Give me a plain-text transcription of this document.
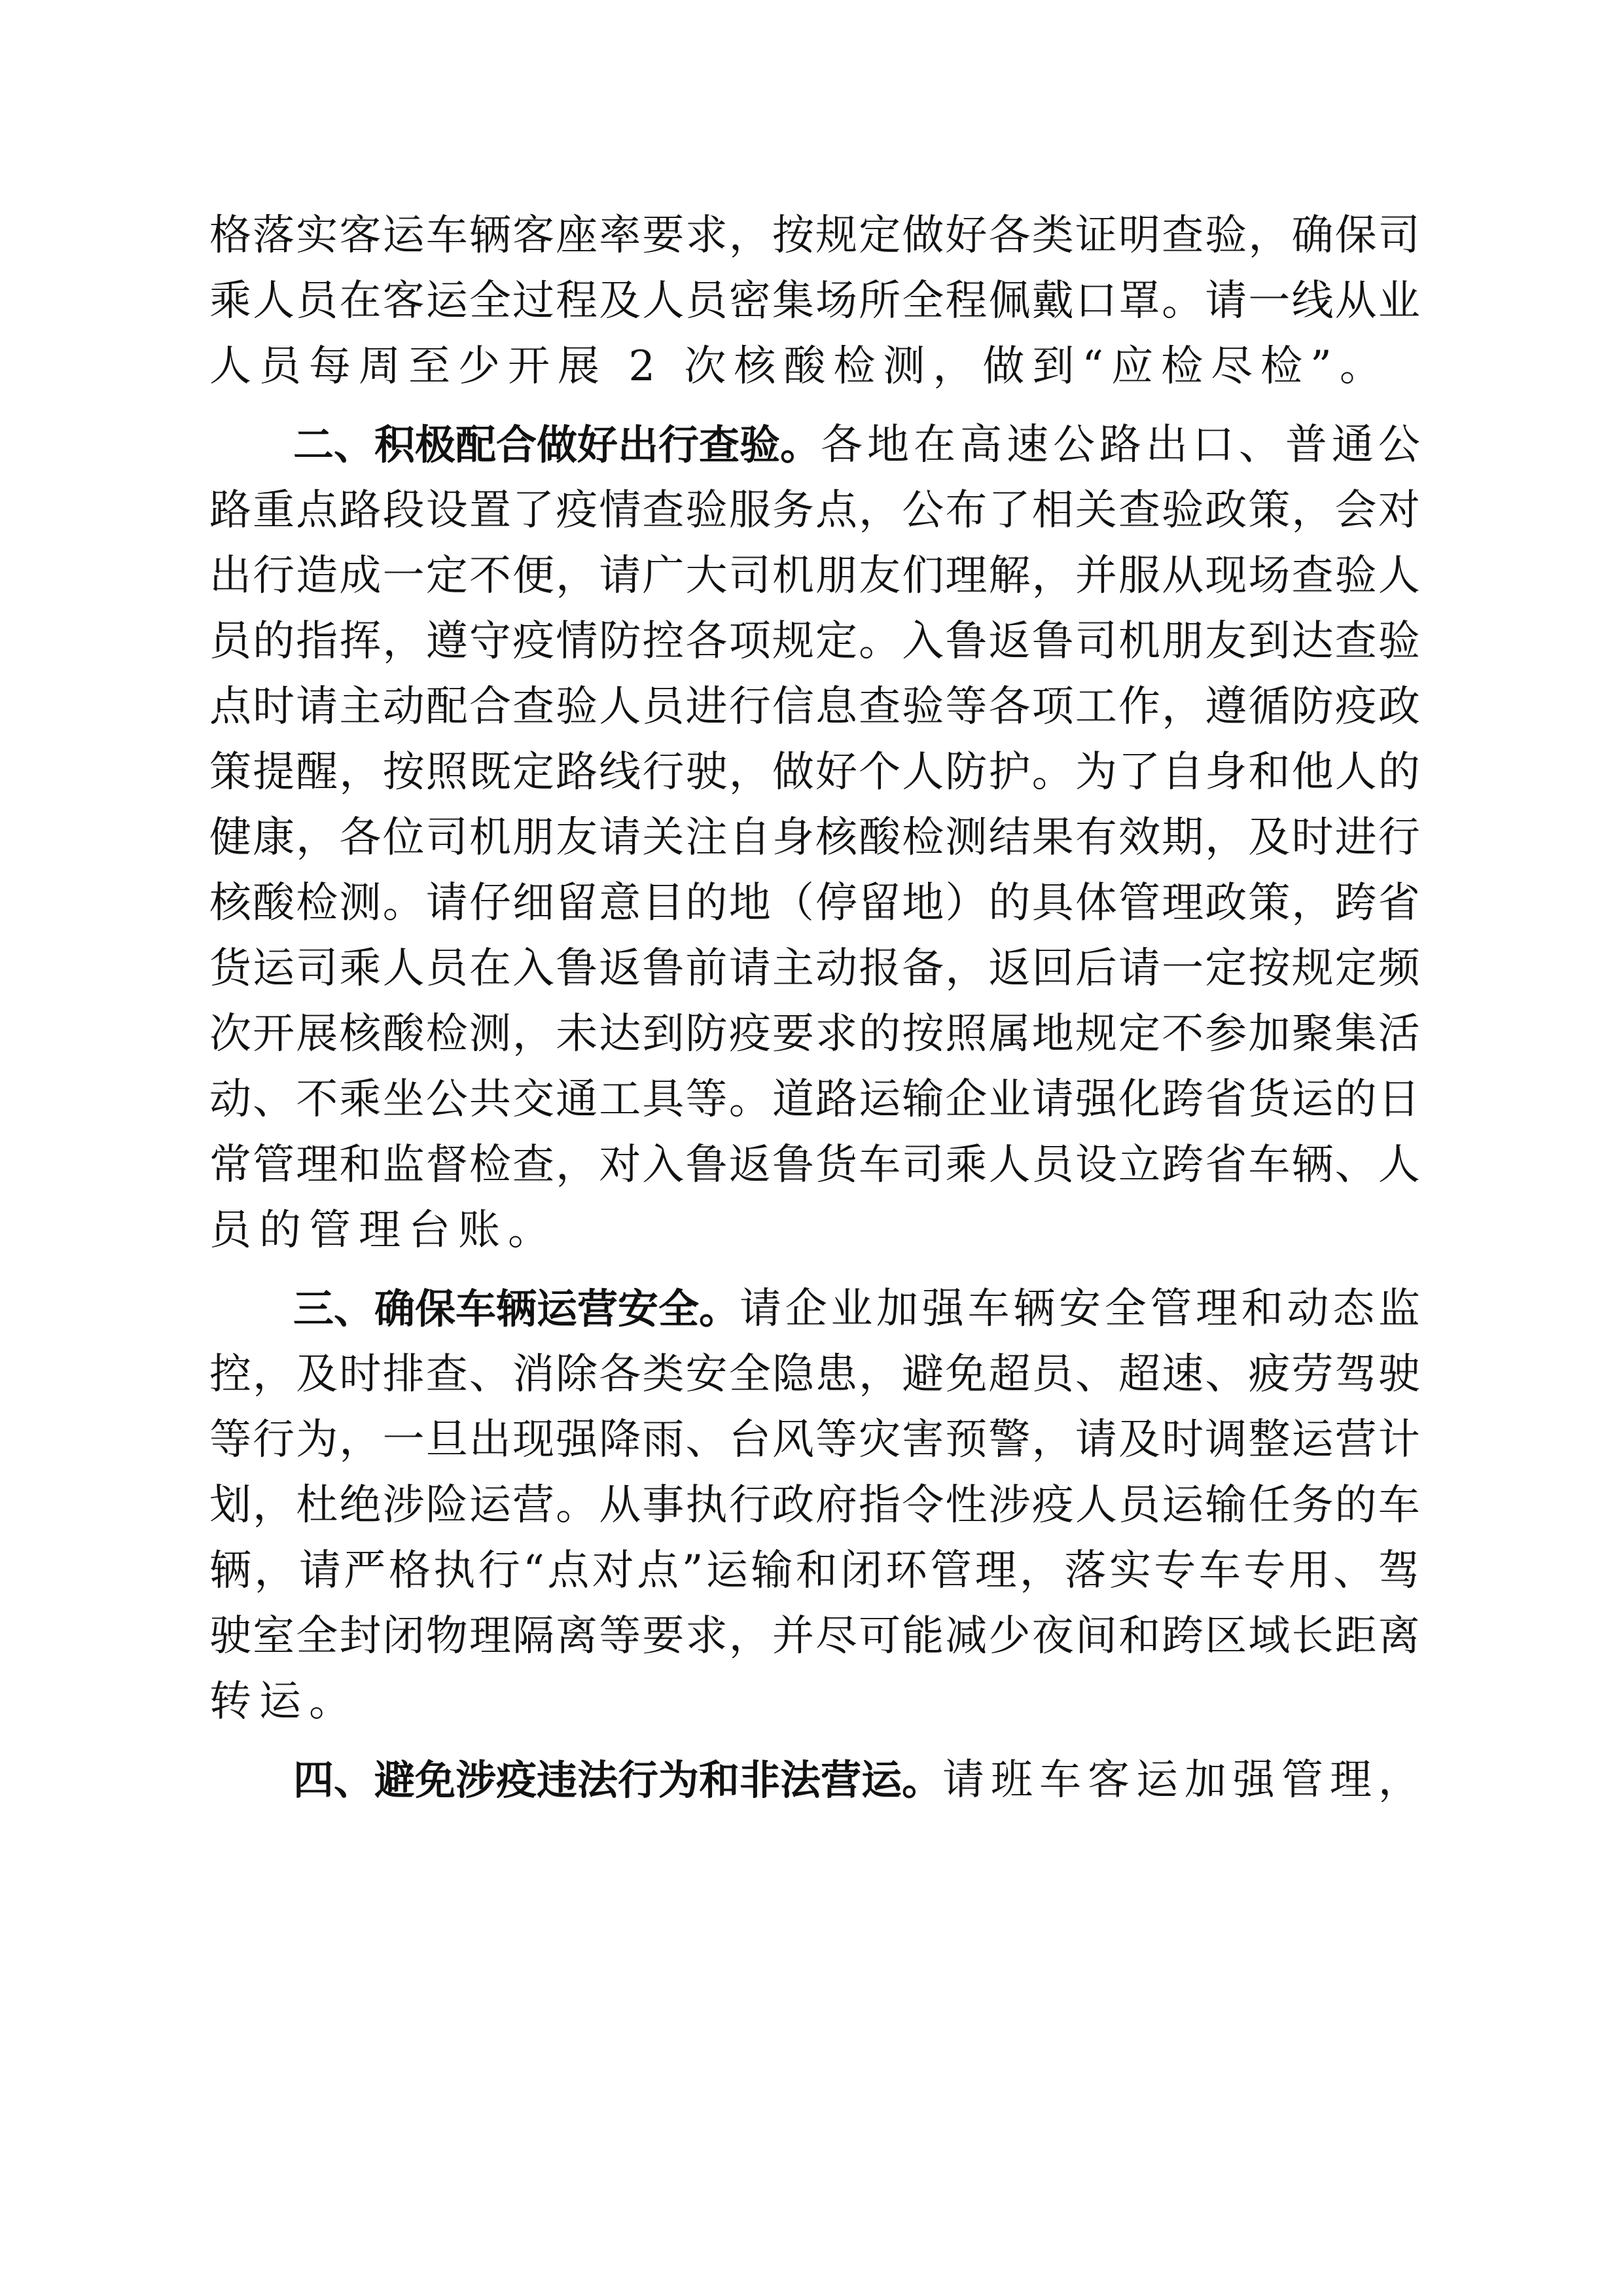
格 落 实 客 运 车 辆 客 座 率 要 求 ， 按 规 定 做 好 各 类 证 明 查 验 ， 确 保 司
乘 人 员 在 客 运 全 过 程 及 人 员 密 集 场 所 全 程 佩 戴 口 罩 。 请 一 线 从 业
人员每周至少开展 2 次核酸检测，做到“应检尽检”。
二、积极配合做好出行查验。 各 地 在 高 速 公 路 出 口 、 普 通 公
路 重 点 路 段 设 置 了 疫 情 查 验 服 务 点 ， 公 布 了 相 关 查 验 政 策 ， 会 对
出 行 造 成 一 定 不 便 ， 请 广 大 司 机 朋 友 们 理 解 ， 并 服 从 现 场 查 验 人
员 的 指 挥 ， 遵 守 疫 情 防 控 各 项 规 定 。 入 鲁 返 鲁 司 机 朋 友 到 达 查 验
点 时 请 主 动 配 合 查 验 人 员 进 行 信 息 查 验 等 各 项 工 作 ， 遵 循 防 疫 政
策 提 醒 ， 按 照 既 定 路 线 行 驶 ， 做 好 个 人 防 护 。 为 了 自 身 和 他 人 的
健 康 ， 各 位 司 机 朋 友 请 关 注 自 身 核 酸 检 测 结 果 有 效 期 ， 及 时 进 行
核 酸 检 测 。 请 仔 细 留 意 目 的 地 （ 停 留 地 ） 的 具 体 管 理 政 策 ， 跨 省
货 运 司 乘 人 员 在 入 鲁 返 鲁 前 请 主 动 报 备 ， 返 回 后 请 一 定 按 规 定 频
次 开 展 核 酸 检 测 ， 未 达 到 防 疫 要 求 的 按 照 属 地 规 定 不 参 加 聚 集 活
动 、 不 乘 坐 公 共 交 通 工 具 等 。 道 路 运 输 企 业 请 强 化 跨 省 货 运 的 日
常 管 理 和 监 督 检 查 ， 对 入 鲁 返 鲁 货 车 司 乘 人 员 设 立 跨 省 车 辆 、 人
员的管理台账。
三、确保车辆运营安全。 请 企 业 加 强 车 辆 安 全 管 理 和 动 态 监
控 ， 及 时 排 查 、 消 除 各 类 安 全 隐 患 ， 避 免 超 员 、 超 速 、 疲 劳 驾 驶
等 行 为 ， 一 旦 出 现 强 降 雨 、 台 风 等 灾 害 预 警 ， 请 及 时 调 整 运 营 计
划 ， 杜 绝 涉 险 运 营 。 从 事 执 行 政 府 指 令 性 涉 疫 人 员 运 输 任 务 的 车
辆 ， 请 严 格 执 行 “ 点 对 点 ” 运 输 和 闭 环 管 理 ， 落 实 专 车 专 用 、 驾
驶 室 全 封 闭 物 理 隔 离 等 要 求 ， 并 尽 可 能 减 少 夜 间 和 跨 区 域 长 距 离
转运。
四、避免涉疫违法行为和非法营运。 请 班 车 客 运 加 强 管 理 ，
